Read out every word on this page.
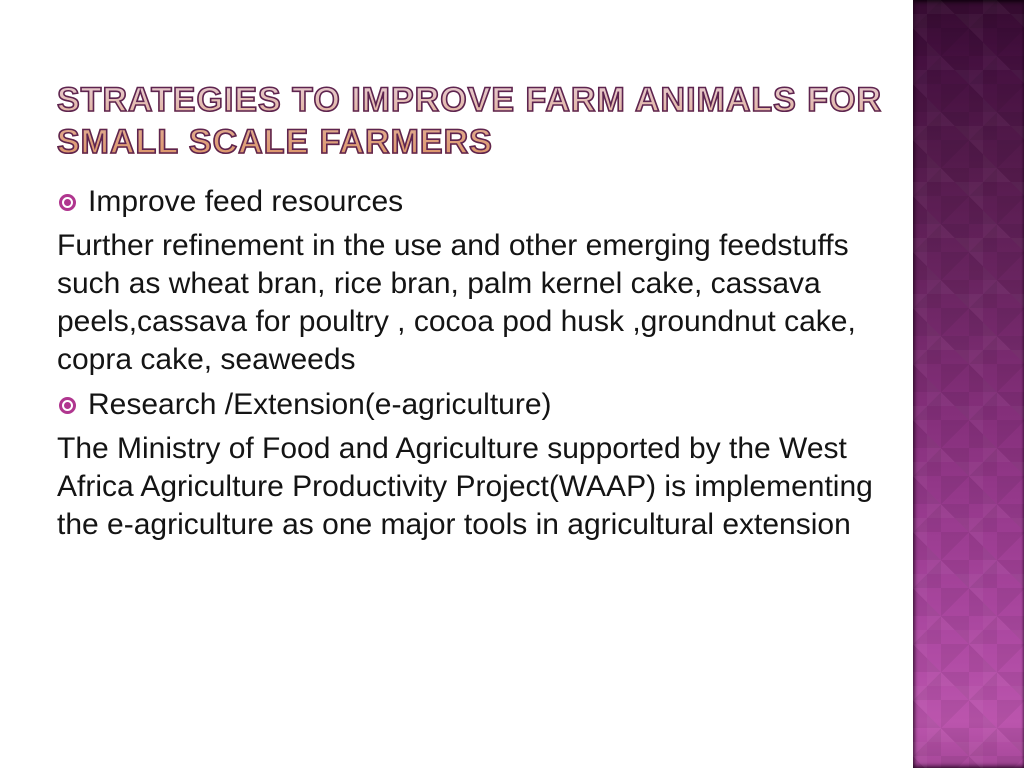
STRATEGIES TO IMPROVE FARM ANIMALS FOR SMALL SCALE FARMERS
Improve feed resources
Further refinement in the use and other emerging feedstuffs such as wheat bran, rice bran, palm kernel cake, cassava peels,cassava for poultry , cocoa pod husk ,groundnut cake, copra cake, seaweeds
Research /Extension(e-agriculture)
The Ministry of Food and Agriculture supported by the West Africa Agriculture Productivity Project(WAAP) is implementing the e-agriculture as one major tools in agricultural extension
